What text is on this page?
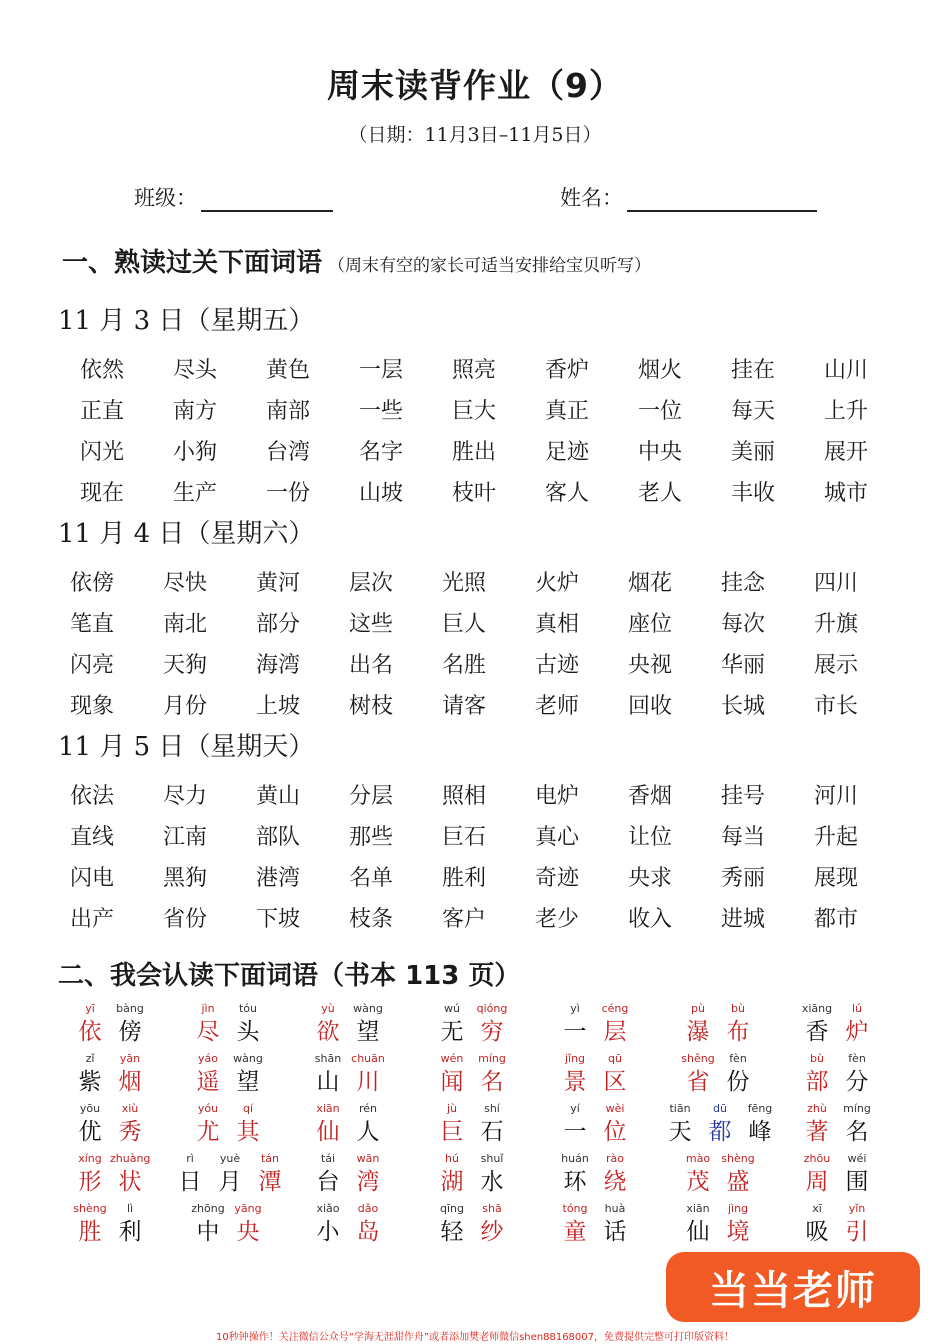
周末读背作业（9）
（日期：11月3日–11月5日）
班级：	姓名：
一、熟读过关下面词语 （周末有空的家长可适当安排给宝贝听写）
11 月 3 日（星期五）
依然 尽头 黄色 一层 照亮 香炉 烟火 挂在 山川
正直 南方 南部 一些 巨大 真正 一位 每天 上升
闪光 小狗 台湾 名字 胜出 足迹 中央 美丽 展开
现在 生产 一份 山坡 枝叶 客人 老人 丰收 城市
11 月 4 日（星期六）
依傍 尽快 黄河 层次 光照 火炉 烟花 挂念 四川
笔直 南北 部分 这些 巨人 真相 座位 每次 升旗
闪亮 天狗 海湾 出名 名胜 古迹 央视 华丽 展示
现象 月份 上坡 树枝 请客 老师 回收 长城 市长
11 月 5 日（星期天）
依法 尽力 黄山 分层 照相 电炉 香烟 挂号 河川
直线 江南 部队 那些 巨石 真心 让位 每当 升起
闪电 黑狗 港湾 名单 胜利 奇迹 央求 秀丽 展现
出产 省份 下坡 枝条 客户 老少 收入 进城 都市
二、我会认读下面词语（书本 113 页）
yī
依
bàng
傍
jìn
尽
tóu
头
yù
欲
wàng
望
wú
无
qióng
穷
yì
一
céng
层
pù
瀑
bù
布
xiāng
香
lú
炉
zǐ
紫
yān
烟
yáo
遥
wàng
望
shān
山
chuān
川
wén
闻
míng
名
jǐng
景
qū
区
shěng
省
fèn
份
bù
部
fèn
分
yōu
优
xiù
秀
yóu
尤
qí
其
xiān
仙
rén
人
jù
巨
shí
石
yí
一
wèi
位
tiān
天
dū
都
fēng
峰
zhù
著
míng
名
xíng
形
zhuàng
状
rì
日
yuè
月
tán
潭
tái
台
wān
湾
hú
湖
shuǐ
水
huán
环
rào
绕
mào
茂
shèng
盛
zhōu
周
wéi
围
shèng
胜
lì
利
zhōng
中
yāng
央
xiǎo
小
dǎo
岛
qīng
轻
shā
纱
tóng
童
huà
话
xiān
仙
jìng
境
xī
吸
yǐn
引
当当老师
10秒钟操作！关注微信公众号“学海无涯甜作舟”或者添加樊老师微信shen88168007，免费提供完整可打印版资料！
